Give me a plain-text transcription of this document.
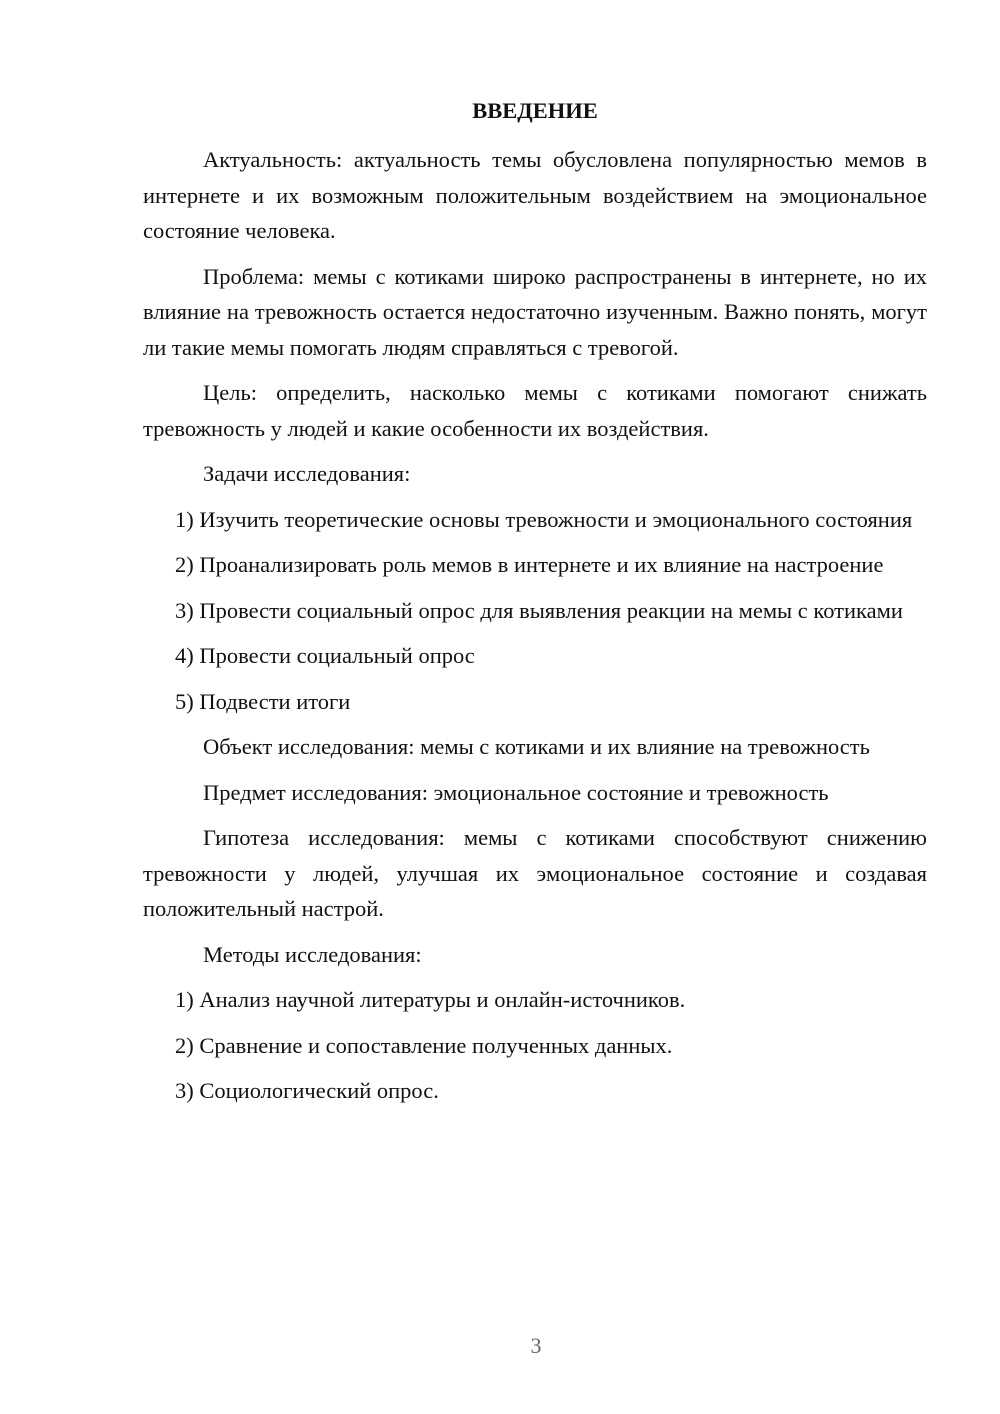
ВВЕДЕНИЕ

Актуальность: актуальность темы обусловлена популярностью мемов в интернете и их возможным положительным воздействием на эмоциональное состояние человека.

Проблема: мемы с котиками широко распространены в интернете, но их влияние на тревожность остается недостаточно изученным. Важно понять, могут ли такие мемы помогать людям справляться с тревогой.

Цель: определить, насколько мемы с котиками помогают снижать тревожность у людей и какие особенности их воздействия.

Задачи исследования:

1) Изучить теоретические основы тревожности и эмоционального состояния

2) Проанализировать роль мемов в интернете и их влияние на настроение

3) Провести социальный опрос для выявления реакции на мемы с котиками

4) Провести социальный опрос

5) Подвести итоги

Объект исследования: мемы с котиками и их влияние на тревожность

Предмет исследования: эмоциональное состояние и тревожность

Гипотеза исследования: мемы с котиками способствуют снижению тревожности у людей, улучшая их эмоциональное состояние и создавая положительный настрой.

Методы исследования:

1) Анализ научной литературы и онлайн-источников.

2) Сравнение и сопоставление полученных данных.

3) Социологический опрос.

3
